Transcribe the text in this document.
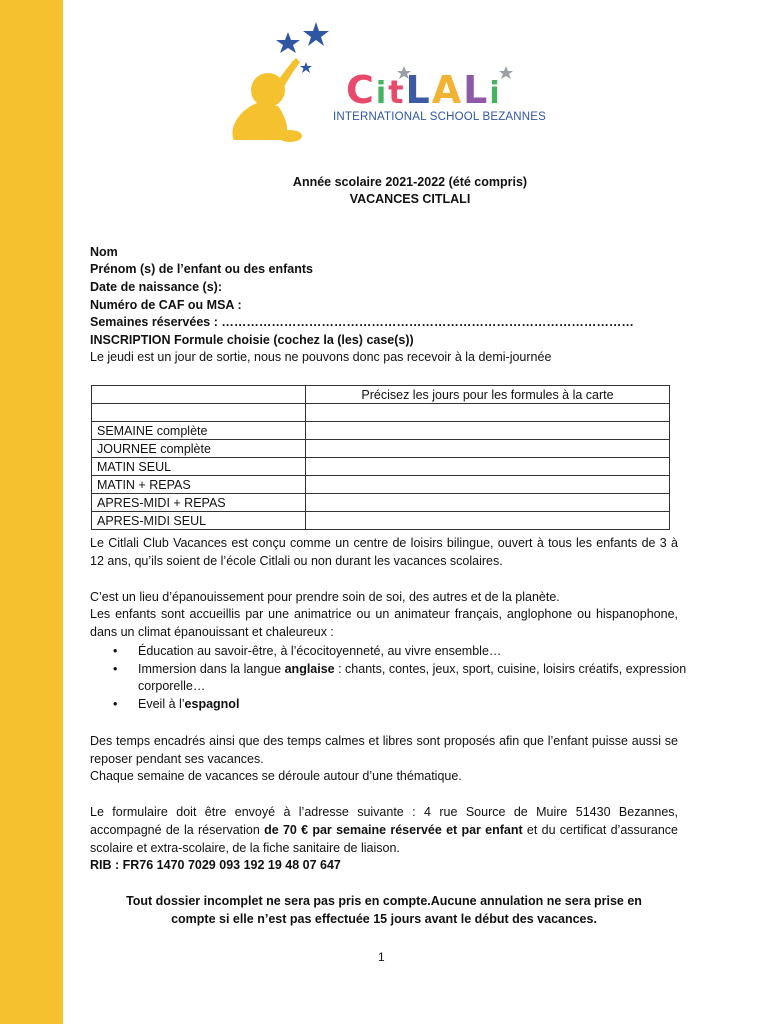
CitLALi
INTERNATIONAL SCHOOL BEZANNES
Année scolaire 2021-2022 (été compris)
VACANCES CITLALI
Nom
Prénom (s) de l’enfant ou des enfants
Date de naissance (s):
Numéro de CAF ou MSA :
Semaines réservées : ………………………………………………………………………………………
INSCRIPTION Formule choisie (cochez la (les) case(s))
Le jeudi est un jour de sortie, nous ne pouvons donc pas recevoir à la demi-journée
	Précisez les jours pour les formules à la carte

SEMAINE complète	
JOURNEE complète	
MATIN SEUL	
MATIN + REPAS	
APRES-MIDI + REPAS	
APRES-MIDI SEUL	
Le Citlali Club Vacances est conçu comme un centre de loisirs bilingue, ouvert à tous les enfants de 3 à 12 ans, qu’ils soient de l’école Citlali ou non durant les vacances scolaires.
C’est un lieu d’épanouissement pour prendre soin de soi, des autres et de la planète.
Les enfants sont accueillis par une animatrice ou un animateur français, anglophone ou hispanophone, dans un climat épanouissant et chaleureux :
• Éducation au savoir-être, à l’écocitoyenneté, au vivre ensemble…
• Immersion dans la langue anglaise : chants, contes, jeux, sport, cuisine, loisirs créatifs, expression corporelle…
• Eveil à l’espagnol
Des temps encadrés ainsi que des temps calmes et libres sont proposés afin que l’enfant puisse aussi se reposer pendant ses vacances.
Chaque semaine de vacances se déroule autour d’une thématique.
Le formulaire doit être envoyé à l’adresse suivante : 4 rue Source de Muire 51430 Bezannes, accompagné de la réservation de 70 € par semaine réservée et par enfant et du certificat d’assurance scolaire et extra-scolaire, de la fiche sanitaire de liaison.
RIB : FR76 1470 7029 093 192 19 48 07 647
Tout dossier incomplet ne sera pas pris en compte.Aucune annulation ne sera prise en
compte si elle n’est pas effectuée 15 jours avant le début des vacances.
1
